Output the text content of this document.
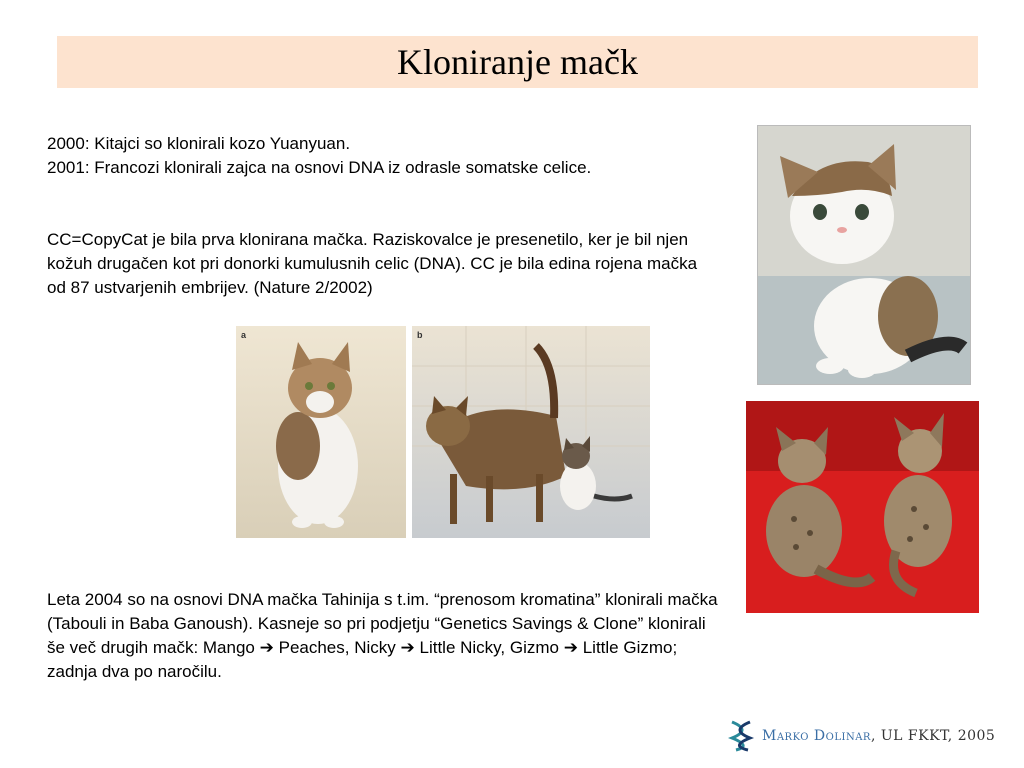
Kloniranje mačk

2000: Kitajci so klonirali kozo Yuanyuan.

2001: Francozi klonirali zajca na osnovi DNA iz odrasle somatske celice.

CC=CopyCat je bila prva klonirana mačka. Raziskovalce je presenetilo, ker je bil njen kožuh drugačen kot pri donorki kumulusnih celic (DNA). CC je bila edina rojena mačka od 87 ustvarjenih embrijev. (Nature 2/2002)

a	b

Leta 2004 so na osnovi DNA mačka Tahinija s t.im. “prenosom kromatina” klonirali mačka (Tabouli in Baba Ganoush). Kasneje so pri podjetju “Genetics Savings & Clone” klonirali še več drugih mačk: Mango ➔ Peaches, Nicky ➔ Little Nicky, Gizmo ➔ Little Gizmo; zadnja dva po naročilu.

Marko Dolinar, UL FKKT, 2005
